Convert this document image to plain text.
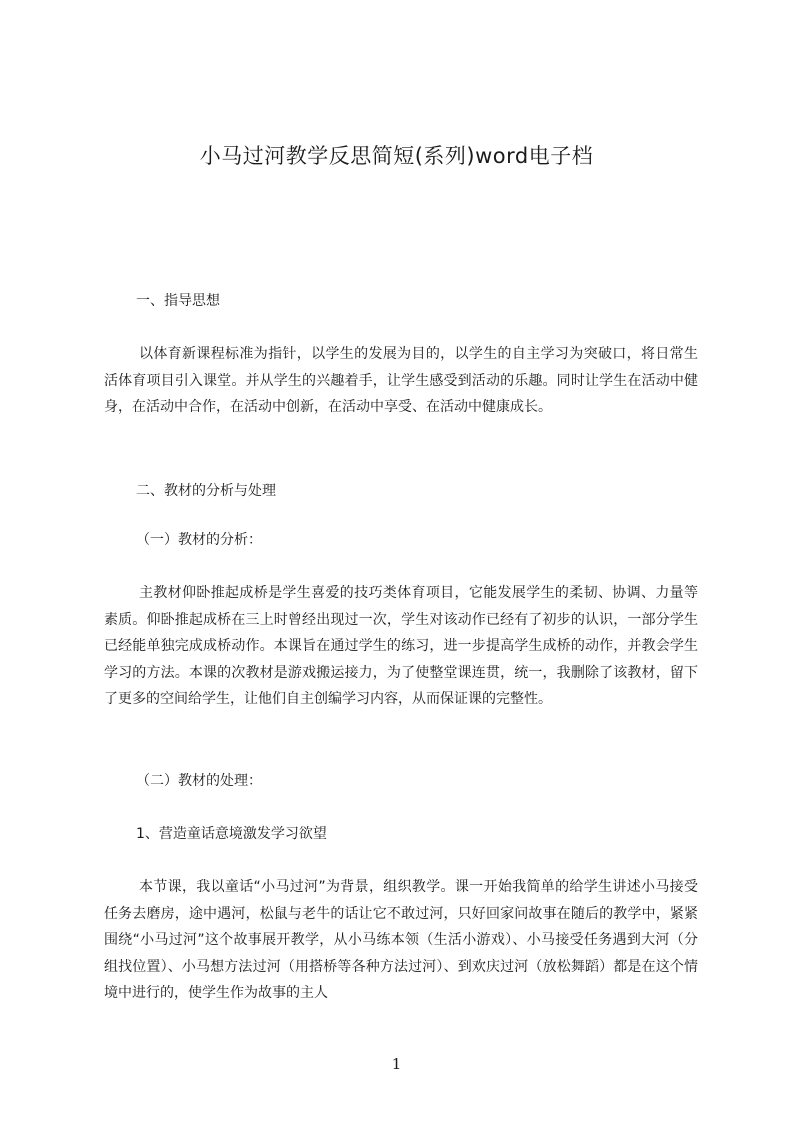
小马过河教学反思简短(系列)word电子档
一、指导思想
以体育新课程标准为指针，以学生的发展为目的，以学生的自主学习为突破口，将日常生活体育项目引入课堂。并从学生的兴趣着手，让学生感受到活动的乐趣。同时让学生在活动中健身，在活动中合作，在活动中创新，在活动中享受、在活动中健康成长。
二、教材的分析与处理
（一）教材的分析：
主教材仰卧推起成桥是学生喜爱的技巧类体育项目，它能发展学生的柔韧、协调、力量等素质。仰卧推起成桥在三上时曾经出现过一次，学生对该动作已经有了初步的认识，一部分学生已经能单独完成成桥动作。本课旨在通过学生的练习，进一步提高学生成桥的动作，并教会学生学习的方法。本课的次教材是游戏搬运接力，为了使整堂课连贯，统一，我删除了该教材，留下了更多的空间给学生，让他们自主创编学习内容，从而保证课的完整性。
（二）教材的处理：
1、营造童话意境激发学习欲望
本节课，我以童话“小马过河”为背景，组织教学。课一开始我简单的给学生讲述小马接受任务去磨房，途中遇河，松鼠与老牛的话让它不敢过河，只好回家问故事在随后的教学中，紧紧围绕“小马过河”这个故事展开教学，从小马练本领（生活小游戏）、小马接受任务遇到大河（分组找位置）、小马想方法过河（用搭桥等各种方法过河）、到欢庆过河（放松舞蹈）都是在这个情境中进行的，使学生作为故事的主人
1
